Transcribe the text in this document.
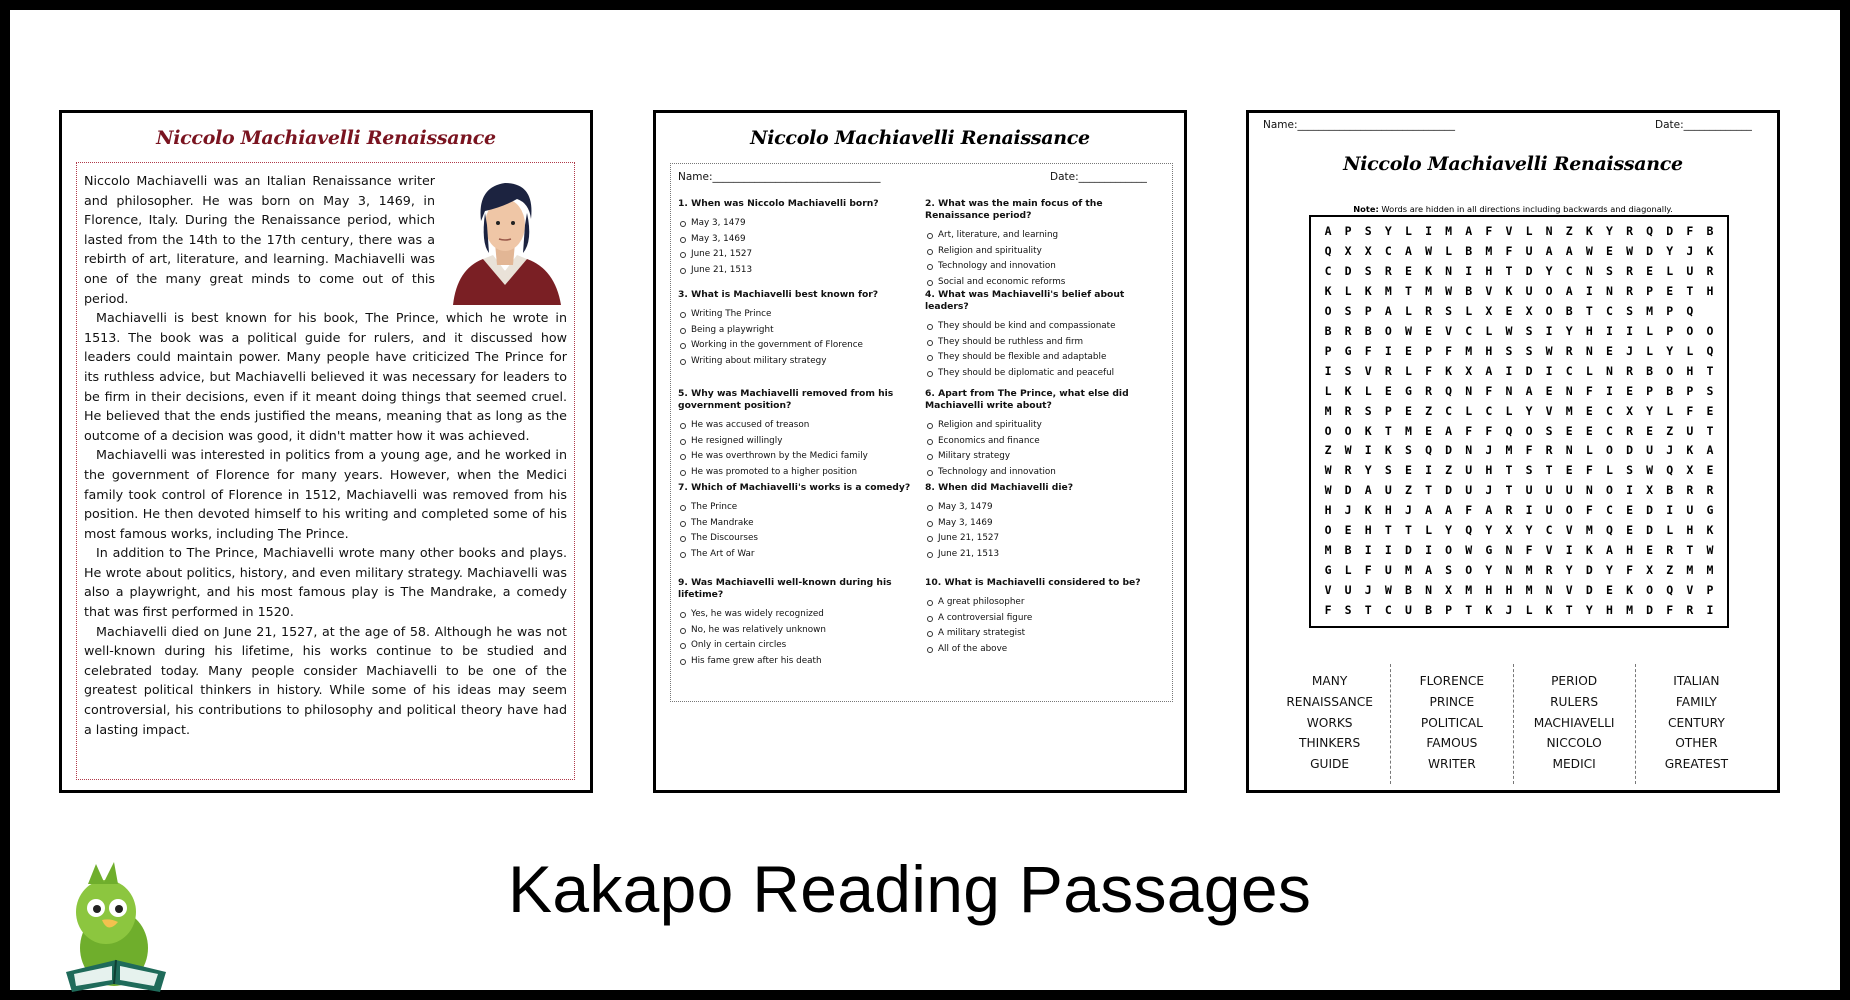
Niccolo Machiavelli Renaissance

Niccolo Machiavelli was an Italian Renaissance writer and philosopher. He was born on May 3, 1469, in Florence, Italy. During the Renaissance period, which lasted from the 14th to the 17th century, there was a rebirth of art, literature, and learning. Machiavelli was one of the many great minds to come out of this period.

Machiavelli is best known for his book, The Prince, which he wrote in 1513. The book was a political guide for rulers, and it discussed how leaders could maintain power. Many people have criticized The Prince for its ruthless advice, but Machiavelli believed it was necessary for leaders to be firm in their decisions, even if it meant doing things that seemed cruel. He believed that the ends justified the means, meaning that as long as the outcome of a decision was good, it didn't matter how it was achieved.

Machiavelli was interested in politics from a young age, and he worked in the government of Florence for many years. However, when the Medici family took control of Florence in 1512, Machiavelli was removed from his position. He then devoted himself to his writing and completed some of his most famous works, including The Prince.

In addition to The Prince, Machiavelli wrote many other books and plays. He wrote about politics, history, and even military strategy. Machiavelli was also a playwright, and his most famous play is The Mandrake, a comedy that was first performed in 1520.

Machiavelli died on June 21, 1527, at the age of 58. Although he was not well-known during his lifetime, his works continue to be studied and celebrated today. Many people consider Machiavelli to be one of the greatest political thinkers in history. While some of his ideas may seem controversial, his contributions to philosophy and political theory have had a lasting impact.

Niccolo Machiavelli Renaissance
Name:________________________________	Date:_____________
1. When was Niccolo Machiavelli born?
May 3, 1479
May 3, 1469
June 21, 1527
June 21, 1513
2. What was the main focus of the Renaissance period?
Art, literature, and learning
Religion and spirituality
Technology and innovation
Social and economic reforms
3. What is Machiavelli best known for?
Writing The Prince
Being a playwright
Working in the government of Florence
Writing about military strategy
4. What was Machiavelli's belief about leaders?
They should be kind and compassionate
They should be ruthless and firm
They should be flexible and adaptable
They should be diplomatic and peaceful
5. Why was Machiavelli removed from his government position?
He was accused of treason
He resigned willingly
He was overthrown by the Medici family
He was promoted to a higher position
6. Apart from The Prince, what else did Machiavelli write about?
Religion and spirituality
Economics and finance
Military strategy
Technology and innovation
7. Which of Machiavelli's works is a comedy?
The Prince
The Mandrake
The Discourses
The Art of War
8. When did Machiavelli die?
May 3, 1479
May 3, 1469
June 21, 1527
June 21, 1513
9. Was Machiavelli well-known during his lifetime?
Yes, he was widely recognized
No, he was relatively unknown
Only in certain circles
His fame grew after his death
10. What is Machiavelli considered to be?
A great philosopher
A controversial figure
A military strategist
All of the above
Name:______________________________	Date:_____________
Niccolo Machiavelli Renaissance
Note: Words are hidden in all directions including backwards and diagonally.
A	P	S	Y	L	I	M	A	F	V	L	N	Z	K	Y	R	Q	D	F	B
Q	X	X	C	A	W	L	B	M	F	U	A	A	W	E	W	D	Y	J	K
C	D	S	R	E	K	N	I	H	T	D	Y	C	N	S	R	E	L	U	R
K	L	K	M	T	M	W	B	V	K	U	O	A	I	N	R	P	E	T	H
O	S	P	A	L	R	S	L	X	E	X	O	B	T	C	S	M	P	Q
B	R	B	O	W	E	V	C	L	W	S	I	Y	H	I	I	L	P	O	O
P	G	F	I	E	P	F	M	H	S	S	W	R	N	E	J	L	Y	L	Q
I	S	V	R	L	F	K	X	A	I	D	I	C	L	N	R	B	O	H	T
L	K	L	E	G	R	Q	N	F	N	A	E	N	F	I	E	P	B	P	S
M	R	S	P	E	Z	C	L	C	L	Y	V	M	E	C	X	Y	L	F	E
O	O	K	T	M	E	A	F	F	Q	O	S	E	E	C	R	E	Z	U	T
Z	W	I	K	S	Q	D	N	J	M	F	R	N	L	O	D	U	J	K	A
W	R	Y	S	E	I	Z	U	H	T	S	T	E	F	L	S	W	Q	X	E
W	D	A	U	Z	T	D	U	J	T	U	U	U	N	O	I	X	B	R	R
H	J	K	H	J	A	A	F	A	R	I	U	O	F	C	E	D	I	U	G
O	E	H	T	T	L	Y	Q	Y	X	Y	C	V	M	Q	E	D	L	H	K
M	B	I	I	D	I	O	W	G	N	F	V	I	K	A	H	E	R	T	W
G	L	F	U	M	A	S	O	Y	N	M	R	Y	D	Y	F	X	Z	M	M
V	U	J	W	B	N	X	M	H	H	M	N	V	D	E	K	O	Q	V	P
F	S	T	C	U	B	P	T	K	J	L	K	T	Y	H	M	D	F	R	I
MANY
RENAISSANCE
WORKS
THINKERS
GUIDE
FLORENCE
PRINCE
POLITICAL
FAMOUS
WRITER
PERIOD
RULERS
MACHIAVELLI
NICCOLO
MEDICI
ITALIAN
FAMILY
CENTURY
OTHER
GREATEST
Kakapo Reading Passages
